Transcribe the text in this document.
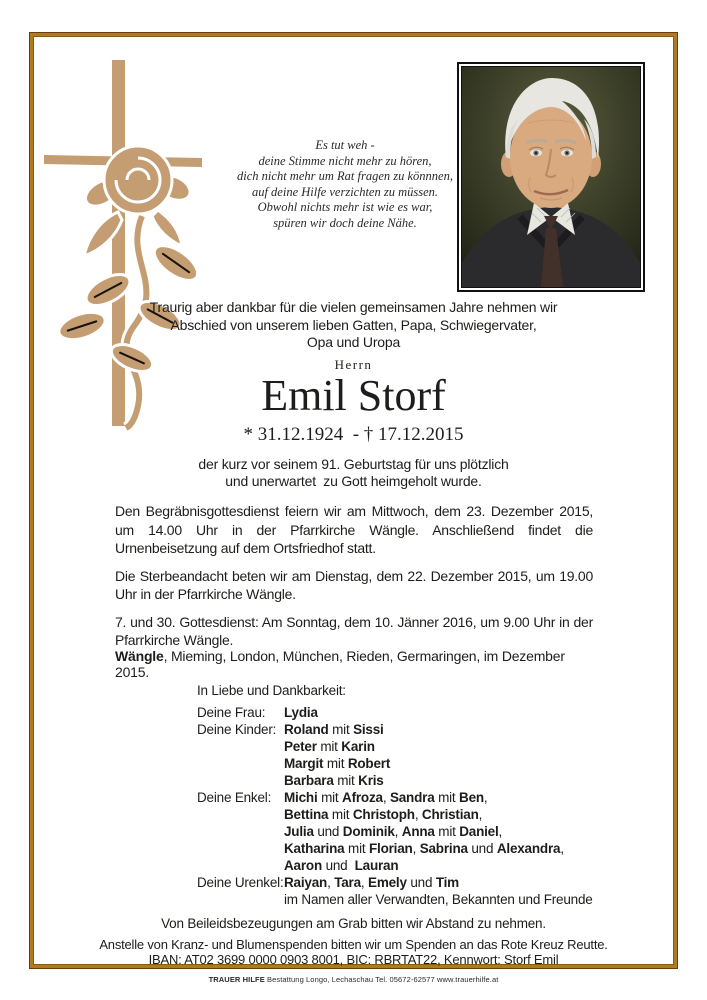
Es tut weh -
deine Stimme nicht mehr zu hören,
dich nicht mehr um Rat fragen zu könnnen,
auf deine Hilfe verzichten zu müssen.
Obwohl nichts mehr ist wie es war,
spüren wir doch deine Nähe.
Traurig aber dankbar für die vielen gemeinsamen Jahre nehmen wir
Abschied von unserem lieben Gatten, Papa, Schwiegervater,
Opa und Uropa
Herrn
Emil Storf
* 31.12.1924  - † 17.12.2015
der kurz vor seinem 91. Geburtstag für uns plötzlich
und unerwartet  zu Gott heimgeholt wurde.

Den Begräbnisgottesdienst feiern wir am Mittwoch, dem 23. Dezember 2015, um 14.00 Uhr in der Pfarrkirche Wängle. Anschließend findet die Urnenbeisetzung auf dem Ortsfriedhof statt.

Die Sterbeandacht beten wir am Dienstag, dem 22. Dezember 2015, um 19.00 Uhr in der Pfarrkirche Wängle.

7. und 30. Gottesdienst: Am Sonntag, dem 10. Jänner 2016, um 9.00 Uhr in der Pfarrkirche Wängle.

Wängle, Mieming, London, München, Rieden, Germaringen, im Dezember 2015.

In Liebe und Dankbarkeit:

Deine Frau:	Lydia
Deine Kinder: Roland mit Sissi
Peter mit Karin
Margit mit Robert
Barbara mit Kris
Deine Enkel: Michi mit Afroza, Sandra mit Ben,
Bettina mit Christoph, Christian,
Julia und Dominik, Anna mit Daniel,
Katharina mit Florian, Sabrina und Alexandra,
Aaron und  Lauran
Deine Urenkel: Raiyan, Tara, Emely und Tim
im Namen aller Verwandten, Bekannten und Freunde
Von Beileidsbezeugungen am Grab bitten wir Abstand zu nehmen.
Anstelle von Kranz- und Blumenspenden bitten wir um Spenden an das Rote Kreuz Reutte.
IBAN: AT02 3699 0000 0903 8001, BIC: RBRTAT22, Kennwort: Storf Emil
TRAUER HILFE Bestattung Longo, Lechaschau Tel. 05672-62577 www.trauerhilfe.at
